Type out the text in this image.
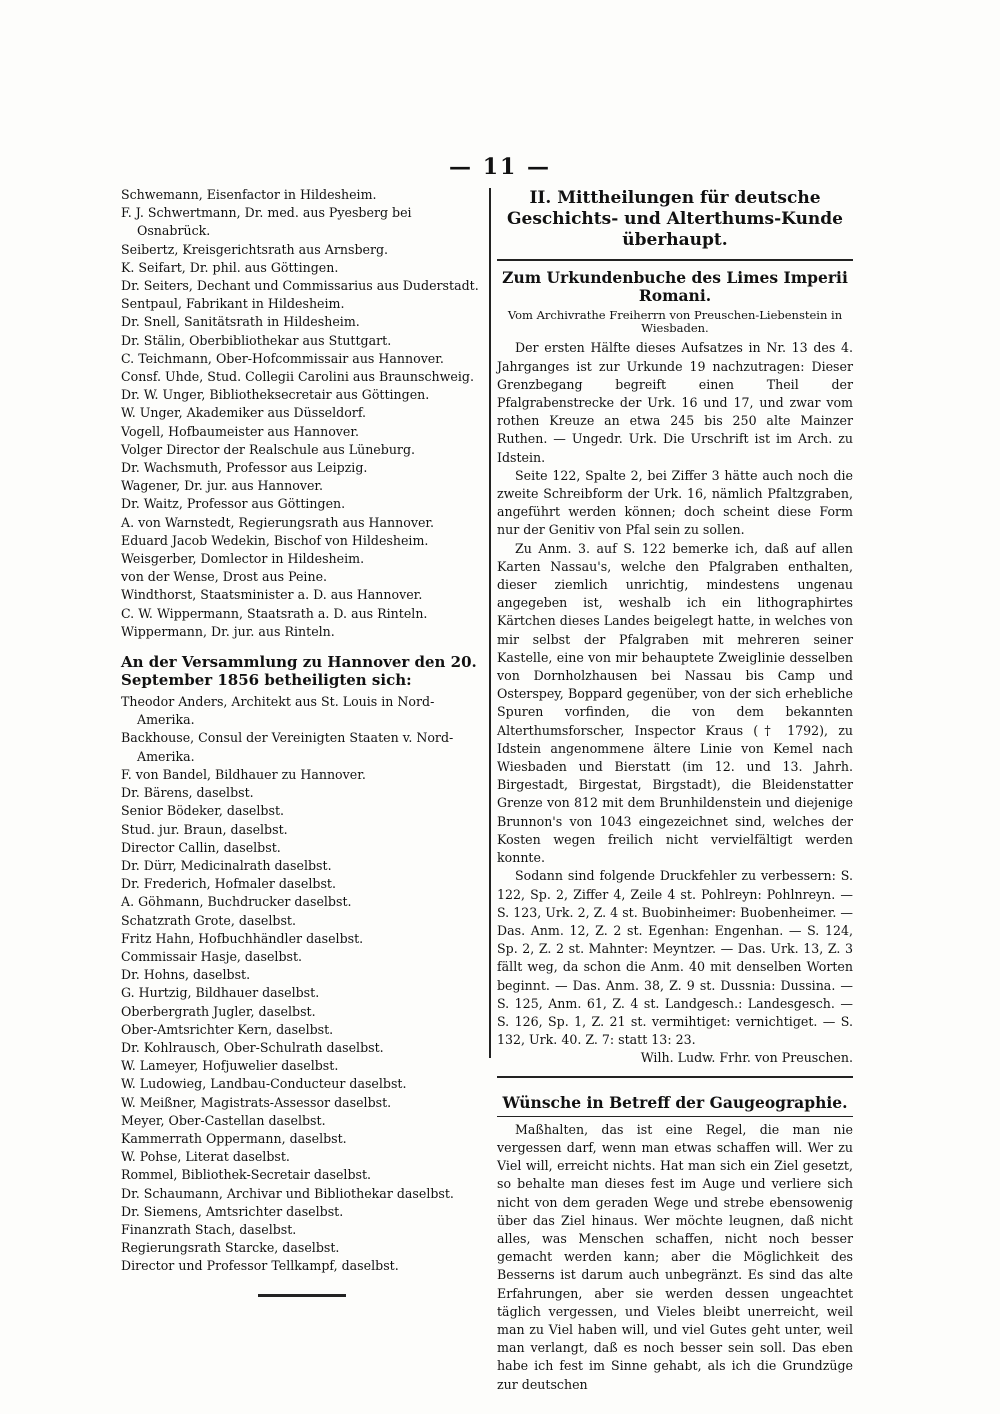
— 11 —
Schwemann, Eisenfactor in Hildesheim.
F. J. Schwertmann, Dr. med. aus Pyesberg bei Osnabrück.
Seibertz, Kreisgerichtsrath aus Arnsberg.
K. Seifart, Dr. phil. aus Göttingen.
Dr. Seiters, Dechant und Commissarius aus Duderstadt.
Sentpaul, Fabrikant in Hildesheim.
Dr. Snell, Sanitätsrath in Hildesheim.
Dr. Stälin, Oberbibliothekar aus Stuttgart.
C. Teichmann, Ober-Hofcommissair aus Hannover.
Consf. Uhde, Stud. Collegii Carolini aus Braunschweig.
Dr. W. Unger, Bibliotheksecretair aus Göttingen.
W. Unger, Akademiker aus Düsseldorf.
Vogell, Hofbaumeister aus Hannover.
Volger Director der Realschule aus Lüneburg.
Dr. Wachsmuth, Professor aus Leipzig.
Wagener, Dr. jur. aus Hannover.
Dr. Waitz, Professor aus Göttingen.
A. von Warnstedt, Regierungsrath aus Hannover.
Eduard Jacob Wedekin, Bischof von Hildesheim.
Weisgerber, Domlector in Hildesheim.
von der Wense, Drost aus Peine.
Windthorst, Staatsminister a. D. aus Hannover.
C. W. Wippermann, Staatsrath a. D. aus Rinteln.
Wippermann, Dr. jur. aus Rinteln.
An der Versammlung zu Hannover den 20. September 1856 betheiligten sich:
Theodor Anders, Architekt aus St. Louis in Nord-Amerika.
Backhouse, Consul der Vereinigten Staaten v. Nord-Amerika.
F. von Bandel, Bildhauer zu Hannover.
Dr. Bärens, daselbst.
Senior Bödeker, daselbst.
Stud. jur. Braun, daselbst.
Director Callin, daselbst.
Dr. Dürr, Medicinalrath daselbst.
Dr. Frederich, Hofmaler daselbst.
A. Göhmann, Buchdrucker daselbst.
Schatzrath Grote, daselbst.
Fritz Hahn, Hofbuchhändler daselbst.
Commissair Hasje, daselbst.
Dr. Hohns, daselbst.
G. Hurtzig, Bildhauer daselbst.
Oberbergrath Jugler, daselbst.
Ober-Amtsrichter Kern, daselbst.
Dr. Kohlrausch, Ober-Schulrath daselbst.
W. Lameyer, Hofjuwelier daselbst.
W. Ludowieg, Landbau-Conducteur daselbst.
W. Meißner, Magistrats-Assessor daselbst.
Meyer, Ober-Castellan daselbst.
Kammerrath Oppermann, daselbst.
W. Pohse, Literat daselbst.
Rommel, Bibliothek-Secretair daselbst.
Dr. Schaumann, Archivar und Bibliothekar daselbst.
Dr. Siemens, Amtsrichter daselbst.
Finanzrath Stach, daselbst.
Regierungsrath Starcke, daselbst.
Director und Professor Tellkampf, daselbst.
II. Mittheilungen für deutsche Geschichts- und Alterthums-Kunde überhaupt.
Zum Urkundenbuche des Limes Imperii Romani.
Vom Archivrathe Freiherrn von Preuschen-Liebenstein in Wiesbaden.

Der ersten Hälfte dieses Aufsatzes in Nr. 13 des 4. Jahrganges ist zur Urkunde 19 nachzutragen: Dieser Grenzbegang begreift einen Theil der Pfalgrabenstrecke der Urk. 16 und 17, und zwar vom rothen Kreuze an etwa 245 bis 250 alte Mainzer Ruthen. — Ungedr. Urk. Die Urschrift ist im Arch. zu Idstein.

Seite 122, Spalte 2, bei Ziffer 3 hätte auch noch die zweite Schreibform der Urk. 16, nämlich Pfaltzgraben, angeführt werden können; doch scheint diese Form nur der Genitiv von Pfal sein zu sollen.

Zu Anm. 3. auf S. 122 bemerke ich, daß auf allen Karten Nassau's, welche den Pfalgraben enthalten, dieser ziemlich unrichtig, mindestens ungenau angegeben ist, weshalb ich ein lithographirtes Kärtchen dieses Landes beigelegt hatte, in welches von mir selbst der Pfalgraben mit mehreren seiner Kastelle, eine von mir behauptete Zweiglinie desselben von Dornholzhausen bei Nassau bis Camp und Osterspey, Boppard gegenüber, von der sich erhebliche Spuren vorfinden, die von dem bekannten Alterthumsforscher, Inspector Kraus († 1792), zu Idstein angenommene ältere Linie von Kemel nach Wiesbaden und Bierstatt (im 12. und 13. Jahrh. Birgestadt, Birgestat, Birgstadt), die Bleidenstatter Grenze von 812 mit dem Brunhildenstein und diejenige Brunnon's von 1043 eingezeichnet sind, welches der Kosten wegen freilich nicht vervielfältigt werden konnte.

Sodann sind folgende Druckfehler zu verbessern: S. 122, Sp. 2, Ziffer 4, Zeile 4 st. Pohlreyn: Pohlnreyn. — S. 123, Urk. 2, Z. 4 st. Buobinheimer: Buobenheimer. — Das. Anm. 12, Z. 2 st. Egenhan: Engenhan. — S. 124, Sp. 2, Z. 2 st. Mahnter: Meyntzer. — Das. Urk. 13, Z. 3 fällt weg, da schon die Anm. 40 mit denselben Worten beginnt. — Das. Anm. 38, Z. 9 st. Dussnia: Dussina. — S. 125, Anm. 61, Z. 4 st. Landgesch.: Landesgesch. — S. 126, Sp. 1, Z. 21 st. vermihtiget: vernichtiget. — S. 132, Urk. 40. Z. 7: statt 13: 23.

Wilh. Ludw. Frhr. von Preuschen.

Wünsche in Betreff der Gaugeographie.

Maßhalten, das ist eine Regel, die man nie vergessen darf, wenn man etwas schaffen will. Wer zu Viel will, erreicht nichts. Hat man sich ein Ziel gesetzt, so behalte man dieses fest im Auge und verliere sich nicht von dem geraden Wege und strebe ebensowenig über das Ziel hinaus. Wer möchte leugnen, daß nicht alles, was Menschen schaffen, nicht noch besser gemacht werden kann; aber die Möglichkeit des Besserns ist darum auch unbegränzt. Es sind das alte Erfahrungen, aber sie werden dessen ungeachtet täglich vergessen, und Vieles bleibt unerreicht, weil man zu Viel haben will, und viel Gutes geht unter, weil man verlangt, daß es noch besser sein soll. Das eben habe ich fest im Sinne gehabt, als ich die Grundzüge zur deutschen
